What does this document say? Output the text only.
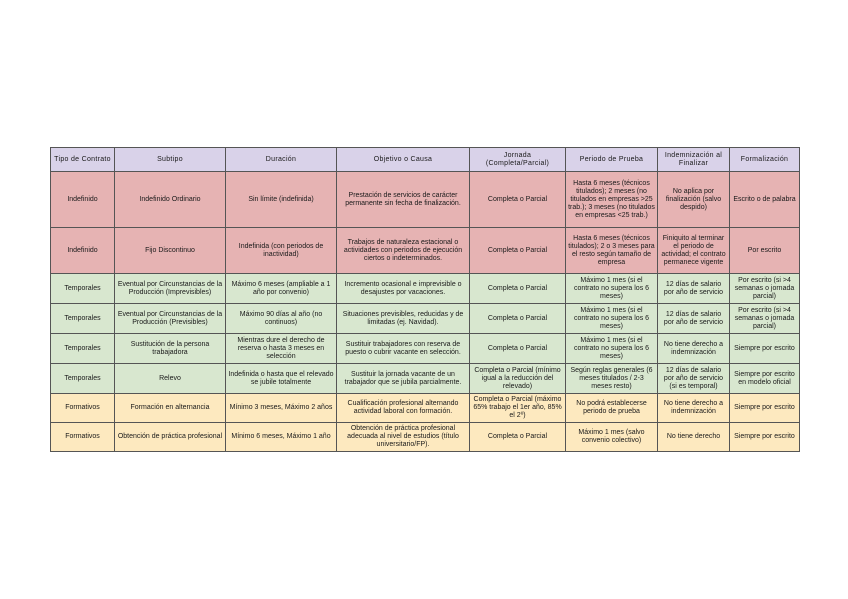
Tipo de Contrato	Subtipo	Duración	Objetivo o Causa	Jornada (Completa/Parcial)	Periodo de Prueba	Indemnización al Finalizar	Formalización
Indefinido	Indefinido Ordinario	Sin límite (indefinida)	Prestación de servicios de carácter permanente sin fecha de finalización.	Completa o Parcial	Hasta 6 meses (técnicos titulados); 2 meses (no titulados en empresas >25 trab.); 3 meses (no titulados en empresas <25 trab.)	No aplica por finalización (salvo despido)	Escrito o de palabra
Indefinido	Fijo Discontinuo	Indefinida (con periodos de inactividad)	Trabajos de naturaleza estacional o actividades con periodos de ejecución ciertos o indeterminados.	Completa o Parcial	Hasta 6 meses (técnicos titulados); 2 o 3 meses para el resto según tamaño de empresa	Finiquito al terminar el periodo de actividad; el contrato permanece vigente	Por escrito
Temporales	Eventual por Circunstancias de la Producción (Imprevisibles)	Máximo 6 meses (ampliable a 1 año por convenio)	Incremento ocasional e imprevisible o desajustes por vacaciones.	Completa o Parcial	Máximo 1 mes (si el contrato no supera los 6 meses)	12 días de salario por año de servicio	Por escrito (si >4 semanas o jornada parcial)
Temporales	Eventual por Circunstancias de la Producción (Previsibles)	Máximo 90 días al año (no continuos)	Situaciones previsibles, reducidas y de limitadas (ej. Navidad).	Completa o Parcial	Máximo 1 mes (si el contrato no supera los 6 meses)	12 días de salario por año de servicio	Por escrito (si >4 semanas o jornada parcial)
Temporales	Sustitución de la persona trabajadora	Mientras dure el derecho de reserva o hasta 3 meses en selección	Sustituir trabajadores con reserva de puesto o cubrir vacante en selección.	Completa o Parcial	Máximo 1 mes (si el contrato no supera los 6 meses)	No tiene derecho a indemnización	Siempre por escrito
Temporales	Relevo	Indefinida o hasta que el relevado se jubile totalmente	Sustituir la jornada vacante de un trabajador que se jubila parcialmente.	Completa o Parcial (mínimo igual a la reducción del relevado)	Según reglas generales (6 meses titulados / 2-3 meses resto)	12 días de salario por año de servicio (si es temporal)	Siempre por escrito en modelo oficial
Formativos	Formación en alternancia	Mínimo 3 meses, Máximo 2 años	Cualificación profesional alternando actividad laboral con formación.	Completa o Parcial (máximo 65% trabajo el 1er año, 85% el 2º)	No podrá establecerse periodo de prueba	No tiene derecho a indemnización	Siempre por escrito
Formativos	Obtención de práctica profesional	Mínimo 6 meses, Máximo 1 año	Obtención de práctica profesional adecuada al nivel de estudios (título universitario/FP).	Completa o Parcial	Máximo 1 mes (salvo convenio colectivo)	No tiene derecho	Siempre por escrito
